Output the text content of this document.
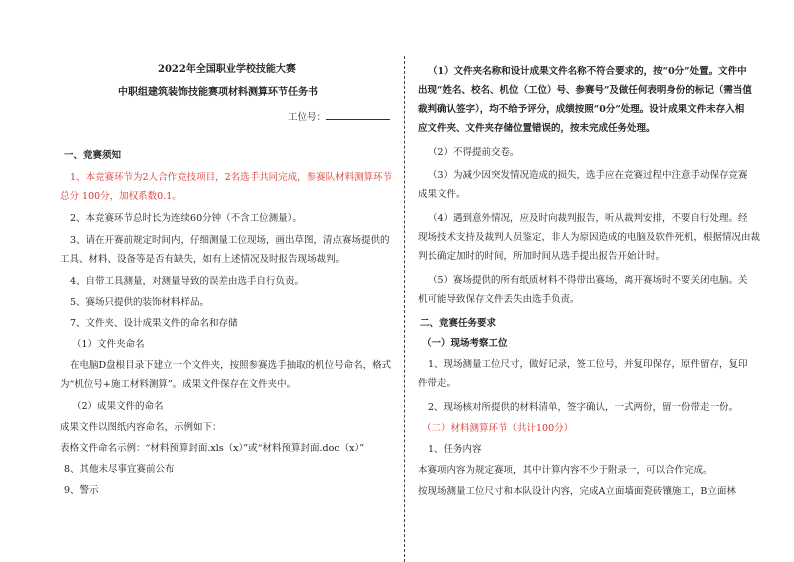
2022年全国职业学校技能大赛
中职组建筑装饰技能赛项材料测算环节任务书
工位号：
一、竞赛须知
1、本竞赛环节为2人合作竞技项目，2名选手共同完成，参赛队材料测算环节
总分 100分，加权系数0.1。
2、本竞赛环节总时长为连续60分钟（不含工位测量）。
3、请在开赛前规定时间内，仔细测量工位现场，画出草图，清点赛场提供的
工具、材料、设备等是否有缺失，如有上述情况及时报告现场裁判。
4、自带工具测量，对测量导致的误差由选手自行负责。
5、赛场只提供的装饰材料样品。
7、文件夹、设计成果文件的命名和存储
（1）文件夹命名
在电脑D盘根目录下建立一个文件夹，按照参赛选手抽取的机位号命名，格式
为“机位号+施工材料测算”。成果文件保存在文件夹中。
（2）成果文件的命名
成果文件以图纸内容命名，示例如下：
表格文件命名示例：“材料预算封面.xls（x）”或“材料预算封面.doc（x）”
8、其他未尽事宜赛前公布
9、警示
（1）文件夹名称和设计成果文件名称不符合要求的，按“0分”处置。文件中
出现“姓名、校名、机位（工位）号、参赛号”及做任何表明身份的标记（需当值
裁判确认签字），均不给予评分，成绩按照“0分”处理。设计成果文件未存入相
应文件夹、文件夹存储位置错误的，按未完成任务处理。
（2）不得提前交卷。
（3）为减少因突发情况造成的损失，选手应在竞赛过程中注意手动保存竞赛
成果文件。
（4）遇到意外情况，应及时向裁判报告，听从裁判安排，不要自行处理。经
现场技术支持及裁判人员鉴定，非人为原因造成的电脑及软件死机，根据情况由裁
判长确定加时的时间，所加时间从选手提出报告开始计时。
（5）赛场提供的所有纸质材料不得带出赛场，离开赛场时不要关闭电脑。关
机可能导致保存文件丢失由选手负责。
二、竞赛任务要求
（一）现场考察工位
1、现场测量工位尺寸，做好记录，签工位号，并复印保存，原件留存，复印
件带走。
2、现场核对所提供的材料清单，签字确认，一式两份，留一份带走一份。
（二）材料测算环节（共计100分）
1、任务内容
本赛项内容为规定赛项，其中计算内容不少于附录一，可以合作完成。
按现场测量工位尺寸和本队设计内容，完成A立面墙面瓷砖镶施工，B立面林
